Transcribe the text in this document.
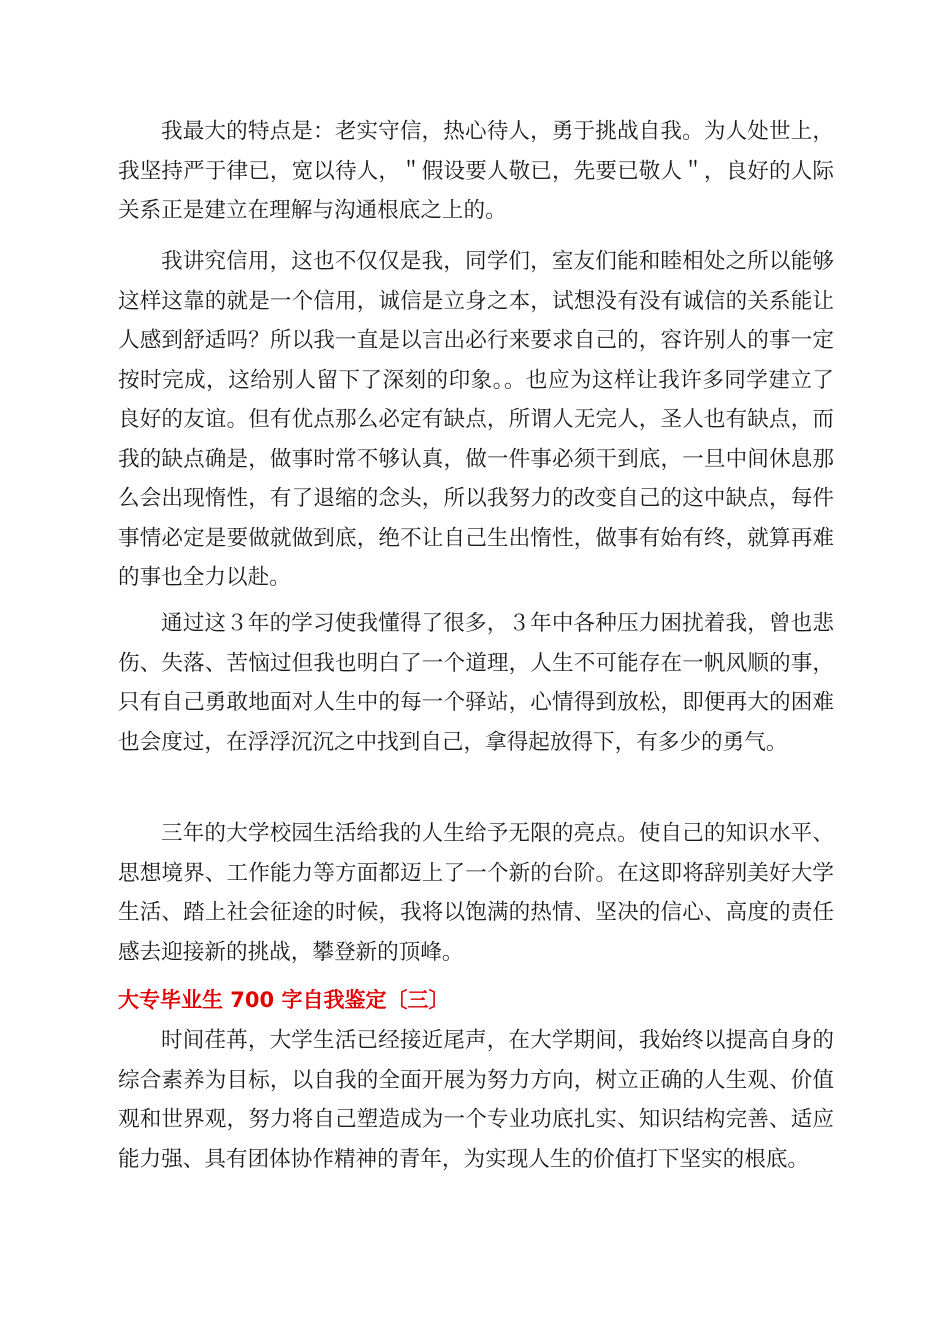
我最大的特点是：老实守信，热心待人，勇于挑战自我。为人处世上，我坚持严于律已，宽以待人，＂假设要人敬已，先要已敬人＂，良好的人际关系正是建立在理解与沟通根底之上的。

我讲究信用，这也不仅仅是我，同学们，室友们能和睦相处之所以能够这样这靠的就是一个信用，诚信是立身之本，试想没有没有诚信的关系能让人感到舒适吗？所以我一直是以言出必行来要求自己的，容许别人的事一定按时完成，这给别人留下了深刻的印象。。也应为这样让我许多同学建立了良好的友谊。但有优点那么必定有缺点，所谓人无完人，圣人也有缺点，而我的缺点确是，做事时常不够认真，做一件事必须干到底，一旦中间休息那么会出现惰性，有了退缩的念头，所以我努力的改变自己的这中缺点，每件事情必定是要做就做到底，绝不让自己生出惰性，做事有始有终，就算再难的事也全力以赴。

通过这３年的学习使我懂得了很多，３年中各种压力困扰着我，曾也悲伤、失落、苦恼过但我也明白了一个道理，人生不可能存在一帆风顺的事，只有自己勇敢地面对人生中的每一个驿站，心情得到放松，即便再大的困难也会度过，在浮浮沉沉之中找到自己，拿得起放得下，有多少的勇气。

三年的大学校园生活给我的人生给予无限的亮点。使自己的知识水平、思想境界、工作能力等方面都迈上了一个新的台阶。在这即将辞别美好大学生活、踏上社会征途的时候，我将以饱满的热情、坚决的信心、高度的责任感去迎接新的挑战，攀登新的顶峰。

大专毕业生 700 字自我鉴定〔三〕

时间荏苒，大学生活已经接近尾声，在大学期间，我始终以提高自身的综合素养为目标，以自我的全面开展为努力方向，树立正确的人生观、价值观和世界观，努力将自己塑造成为一个专业功底扎实、知识结构完善、适应能力强、具有团体协作精神的青年，为实现人生的价值打下坚实的根底。
